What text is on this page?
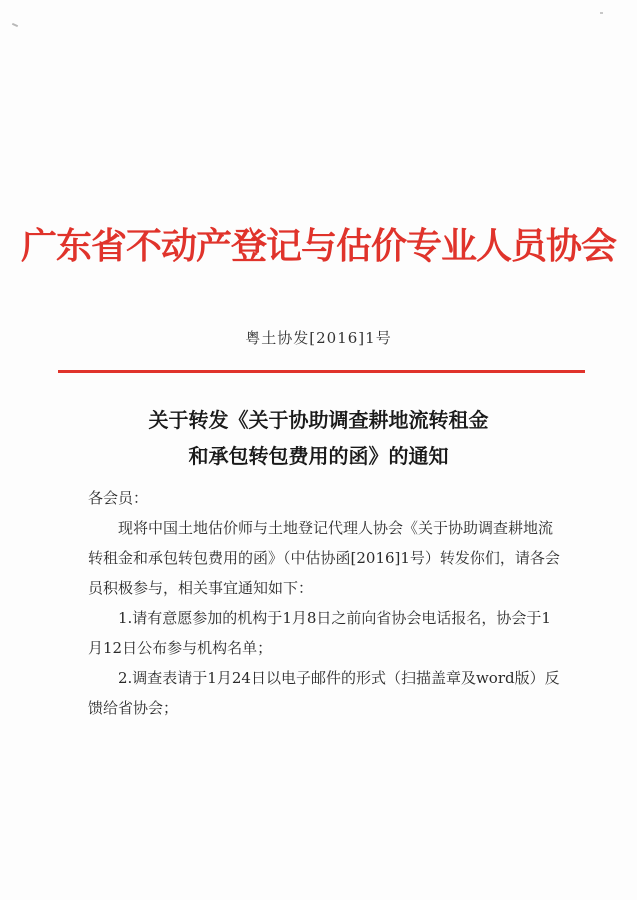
广东省不动产登记与估价专业人员协会
粤土协发[2016]1号
关于转发《关于协助调查耕地流转租金
和承包转包费用的函》的通知

各会员：

现将中国土地估价师与土地登记代理人协会《关于协助调查耕地流转租金和承包转包费用的函》（中估协函[2016]1号）转发你们，请各会员积极参与，相关事宜通知如下：

1.请有意愿参加的机构于1月8日之前向省协会电话报名，协会于1月12日公布参与机构名单；

2.调查表请于1月24日以电子邮件的形式（扫描盖章及word版）反馈给省协会；
